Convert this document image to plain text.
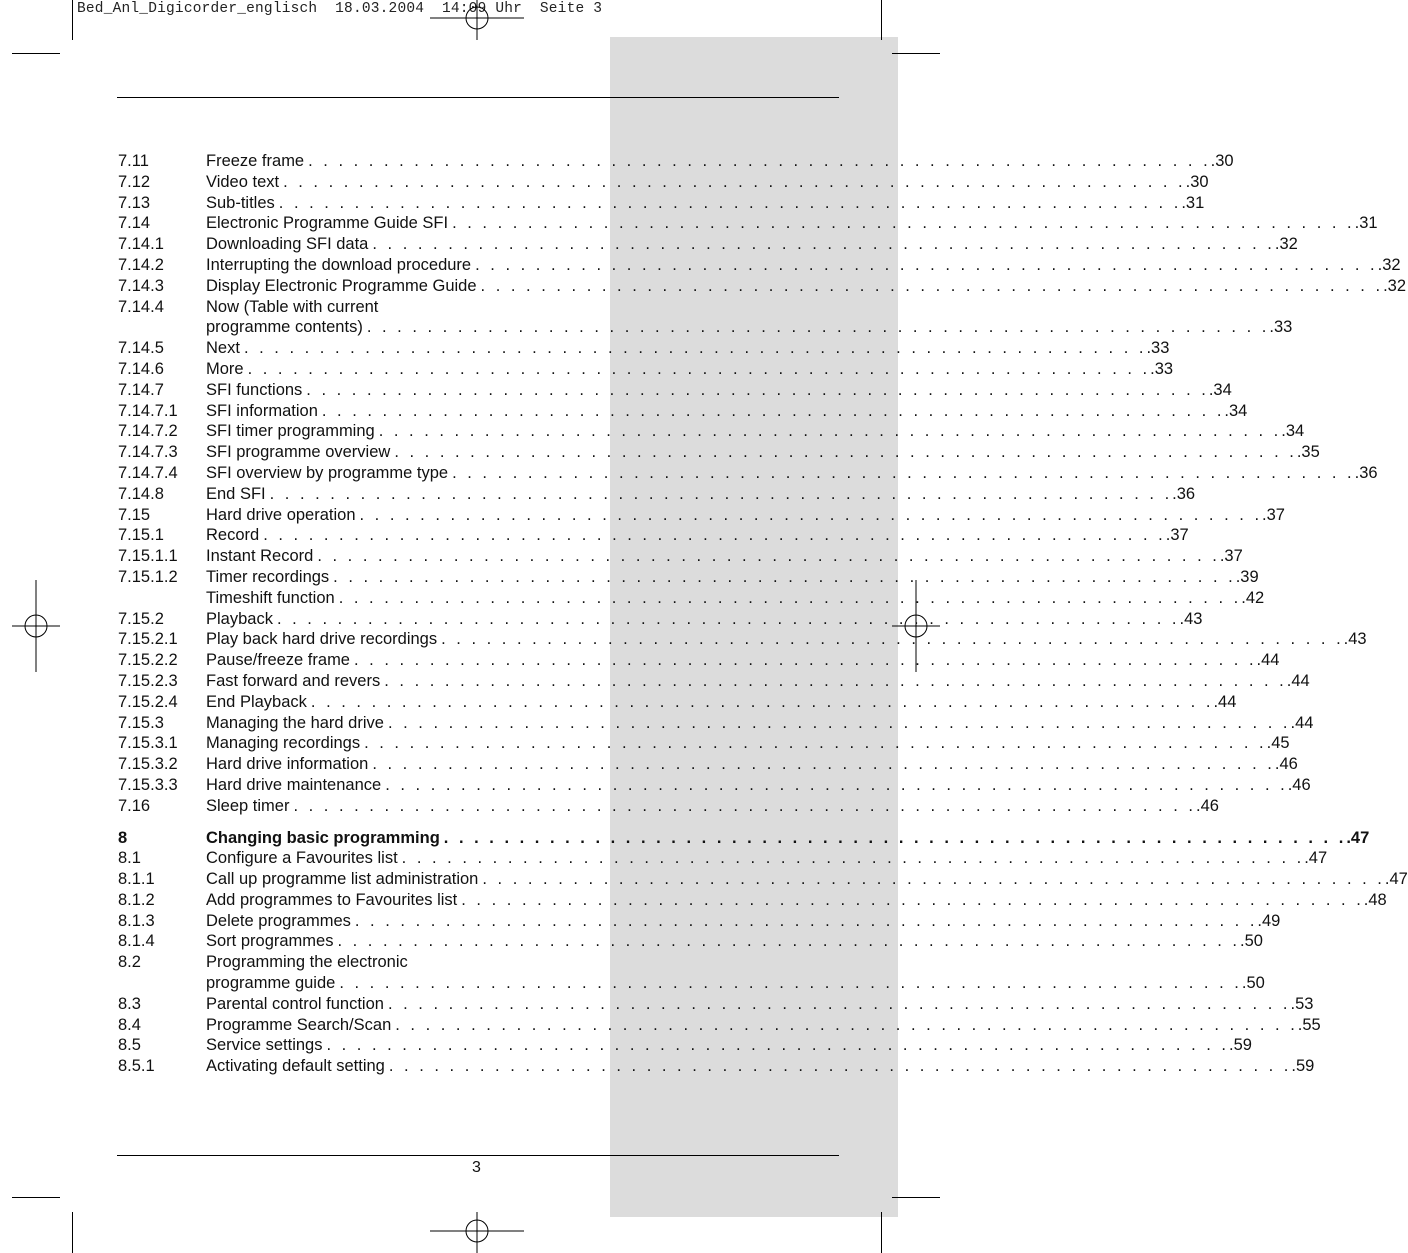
Bed_Anl_Digicorder_englisch  18.03.2004  14:09 Uhr  Seite 3
7.11	Freeze frame . . . . . . . . . . . . . . . . . . . . . . . . . . . . . . . . . . . . . . . . . . . . . . . . . . . . . . . . . . . . .30
7.12	Video text . . . . . . . . . . . . . . . . . . . . . . . . . . . . . . . . . . . . . . . . . . . . . . . . . . . . . . . . . . . . .30
7.13	Sub-titles . . . . . . . . . . . . . . . . . . . . . . . . . . . . . . . . . . . . . . . . . . . . . . . . . . . . . . . . . . . . .31
7.14	Electronic Programme Guide SFI . . . . . . . . . . . . . . . . . . . . . . . . . . . . . . . . . . . . . . . . . . . . . . . . . . . . . . . . . . . . .31
7.14.1	Downloading SFI data . . . . . . . . . . . . . . . . . . . . . . . . . . . . . . . . . . . . . . . . . . . . . . . . . . . . . . . . . . . . .32
7.14.2	Interrupting the download procedure . . . . . . . . . . . . . . . . . . . . . . . . . . . . . . . . . . . . . . . . . . . . . . . . . . . . . . . . . . . . .32
7.14.3	Display Electronic Programme Guide . . . . . . . . . . . . . . . . . . . . . . . . . . . . . . . . . . . . . . . . . . . . . . . . . . . . . . . . . . . . .32
7.14.4	Now (Table with current
programme contents) . . . . . . . . . . . . . . . . . . . . . . . . . . . . . . . . . . . . . . . . . . . . . . . . . . . . . . . . . . . . .33
7.14.5	Next . . . . . . . . . . . . . . . . . . . . . . . . . . . . . . . . . . . . . . . . . . . . . . . . . . . . . . . . . . . . .33
7.14.6	More . . . . . . . . . . . . . . . . . . . . . . . . . . . . . . . . . . . . . . . . . . . . . . . . . . . . . . . . . . . . .33
7.14.7	SFI functions . . . . . . . . . . . . . . . . . . . . . . . . . . . . . . . . . . . . . . . . . . . . . . . . . . . . . . . . . . . . .34
7.14.7.1 SFI information . . . . . . . . . . . . . . . . . . . . . . . . . . . . . . . . . . . . . . . . . . . . . . . . . . . . . . . . . . . . .34
7.14.7.2 SFI timer programming . . . . . . . . . . . . . . . . . . . . . . . . . . . . . . . . . . . . . . . . . . . . . . . . . . . . . . . . . . . . .34
7.14.7.3 SFI programme overview . . . . . . . . . . . . . . . . . . . . . . . . . . . . . . . . . . . . . . . . . . . . . . . . . . . . . . . . . . . . .35
7.14.7.4 SFI overview by programme type . . . . . . . . . . . . . . . . . . . . . . . . . . . . . . . . . . . . . . . . . . . . . . . . . . . . . . . . . . . . .36
7.14.8	End SFI . . . . . . . . . . . . . . . . . . . . . . . . . . . . . . . . . . . . . . . . . . . . . . . . . . . . . . . . . . . . .36
7.15	Hard drive operation . . . . . . . . . . . . . . . . . . . . . . . . . . . . . . . . . . . . . . . . . . . . . . . . . . . . . . . . . . . . .37
7.15.1	Record . . . . . . . . . . . . . . . . . . . . . . . . . . . . . . . . . . . . . . . . . . . . . . . . . . . . . . . . . . . . .37
7.15.1.1 Instant Record . . . . . . . . . . . . . . . . . . . . . . . . . . . . . . . . . . . . . . . . . . . . . . . . . . . . . . . . . . . . .37
7.15.1.2 Timer recordings . . . . . . . . . . . . . . . . . . . . . . . . . . . . . . . . . . . . . . . . . . . . . . . . . . . . . . . . . . . . .39
Timeshift function . . . . . . . . . . . . . . . . . . . . . . . . . . . . . . . . . . . . . . . . . . . . . . . . . . . . . . . . . . . . .42
7.15.2	Playback . . . . . . . . . . . . . . . . . . . . . . . . . . . . . . . . . . . . . . . . . . . . . . . . . . . . . . . . . . . . .43
7.15.2.1 Play back hard drive recordings . . . . . . . . . . . . . . . . . . . . . . . . . . . . . . . . . . . . . . . . . . . . . . . . . . . . . . . . . . . . .43
7.15.2.2 Pause/freeze frame . . . . . . . . . . . . . . . . . . . . . . . . . . . . . . . . . . . . . . . . . . . . . . . . . . . . . . . . . . . . .44
7.15.2.3 Fast forward and revers . . . . . . . . . . . . . . . . . . . . . . . . . . . . . . . . . . . . . . . . . . . . . . . . . . . . . . . . . . . . .44
7.15.2.4 End Playback . . . . . . . . . . . . . . . . . . . . . . . . . . . . . . . . . . . . . . . . . . . . . . . . . . . . . . . . . . . . .44
7.15.3	Managing the hard drive . . . . . . . . . . . . . . . . . . . . . . . . . . . . . . . . . . . . . . . . . . . . . . . . . . . . . . . . . . . . .44
7.15.3.1 Managing recordings . . . . . . . . . . . . . . . . . . . . . . . . . . . . . . . . . . . . . . . . . . . . . . . . . . . . . . . . . . . . .45
7.15.3.2 Hard drive information . . . . . . . . . . . . . . . . . . . . . . . . . . . . . . . . . . . . . . . . . . . . . . . . . . . . . . . . . . . . .46
7.15.3.3 Hard drive maintenance . . . . . . . . . . . . . . . . . . . . . . . . . . . . . . . . . . . . . . . . . . . . . . . . . . . . . . . . . . . . .46
7.16	Sleep timer . . . . . . . . . . . . . . . . . . . . . . . . . . . . . . . . . . . . . . . . . . . . . . . . . . . . . . . . . . . . .46
8	Changing basic programming . . . . . . . . . . . . . . . . . . . . . . . . . . . . . . . . . . . . . . . . . . . . . . . . . . . . . . . . . . . . .47
8.1	Configure a Favourites list . . . . . . . . . . . . . . . . . . . . . . . . . . . . . . . . . . . . . . . . . . . . . . . . . . . . . . . . . . . . .47
8.1.1	Call up programme list administration . . . . . . . . . . . . . . . . . . . . . . . . . . . . . . . . . . . . . . . . . . . . . . . . . . . . . . . . . . . . .47
8.1.2	Add programmes to Favourites list . . . . . . . . . . . . . . . . . . . . . . . . . . . . . . . . . . . . . . . . . . . . . . . . . . . . . . . . . . . . .48
8.1.3	Delete programmes . . . . . . . . . . . . . . . . . . . . . . . . . . . . . . . . . . . . . . . . . . . . . . . . . . . . . . . . . . . . .49
8.1.4	Sort programmes . . . . . . . . . . . . . . . . . . . . . . . . . . . . . . . . . . . . . . . . . . . . . . . . . . . . . . . . . . . . .50
8.2	Programming the electronic
programme guide . . . . . . . . . . . . . . . . . . . . . . . . . . . . . . . . . . . . . . . . . . . . . . . . . . . . . . . . . . . . .50
8.3	Parental control function . . . . . . . . . . . . . . . . . . . . . . . . . . . . . . . . . . . . . . . . . . . . . . . . . . . . . . . . . . . . .53
8.4	Programme Search/Scan . . . . . . . . . . . . . . . . . . . . . . . . . . . . . . . . . . . . . . . . . . . . . . . . . . . . . . . . . . . . .55
8.5	Service settings . . . . . . . . . . . . . . . . . . . . . . . . . . . . . . . . . . . . . . . . . . . . . . . . . . . . . . . . . . . . .59
8.5.1	Activating default setting . . . . . . . . . . . . . . . . . . . . . . . . . . . . . . . . . . . . . . . . . . . . . . . . . . . . . . . . . . . . .59
3
